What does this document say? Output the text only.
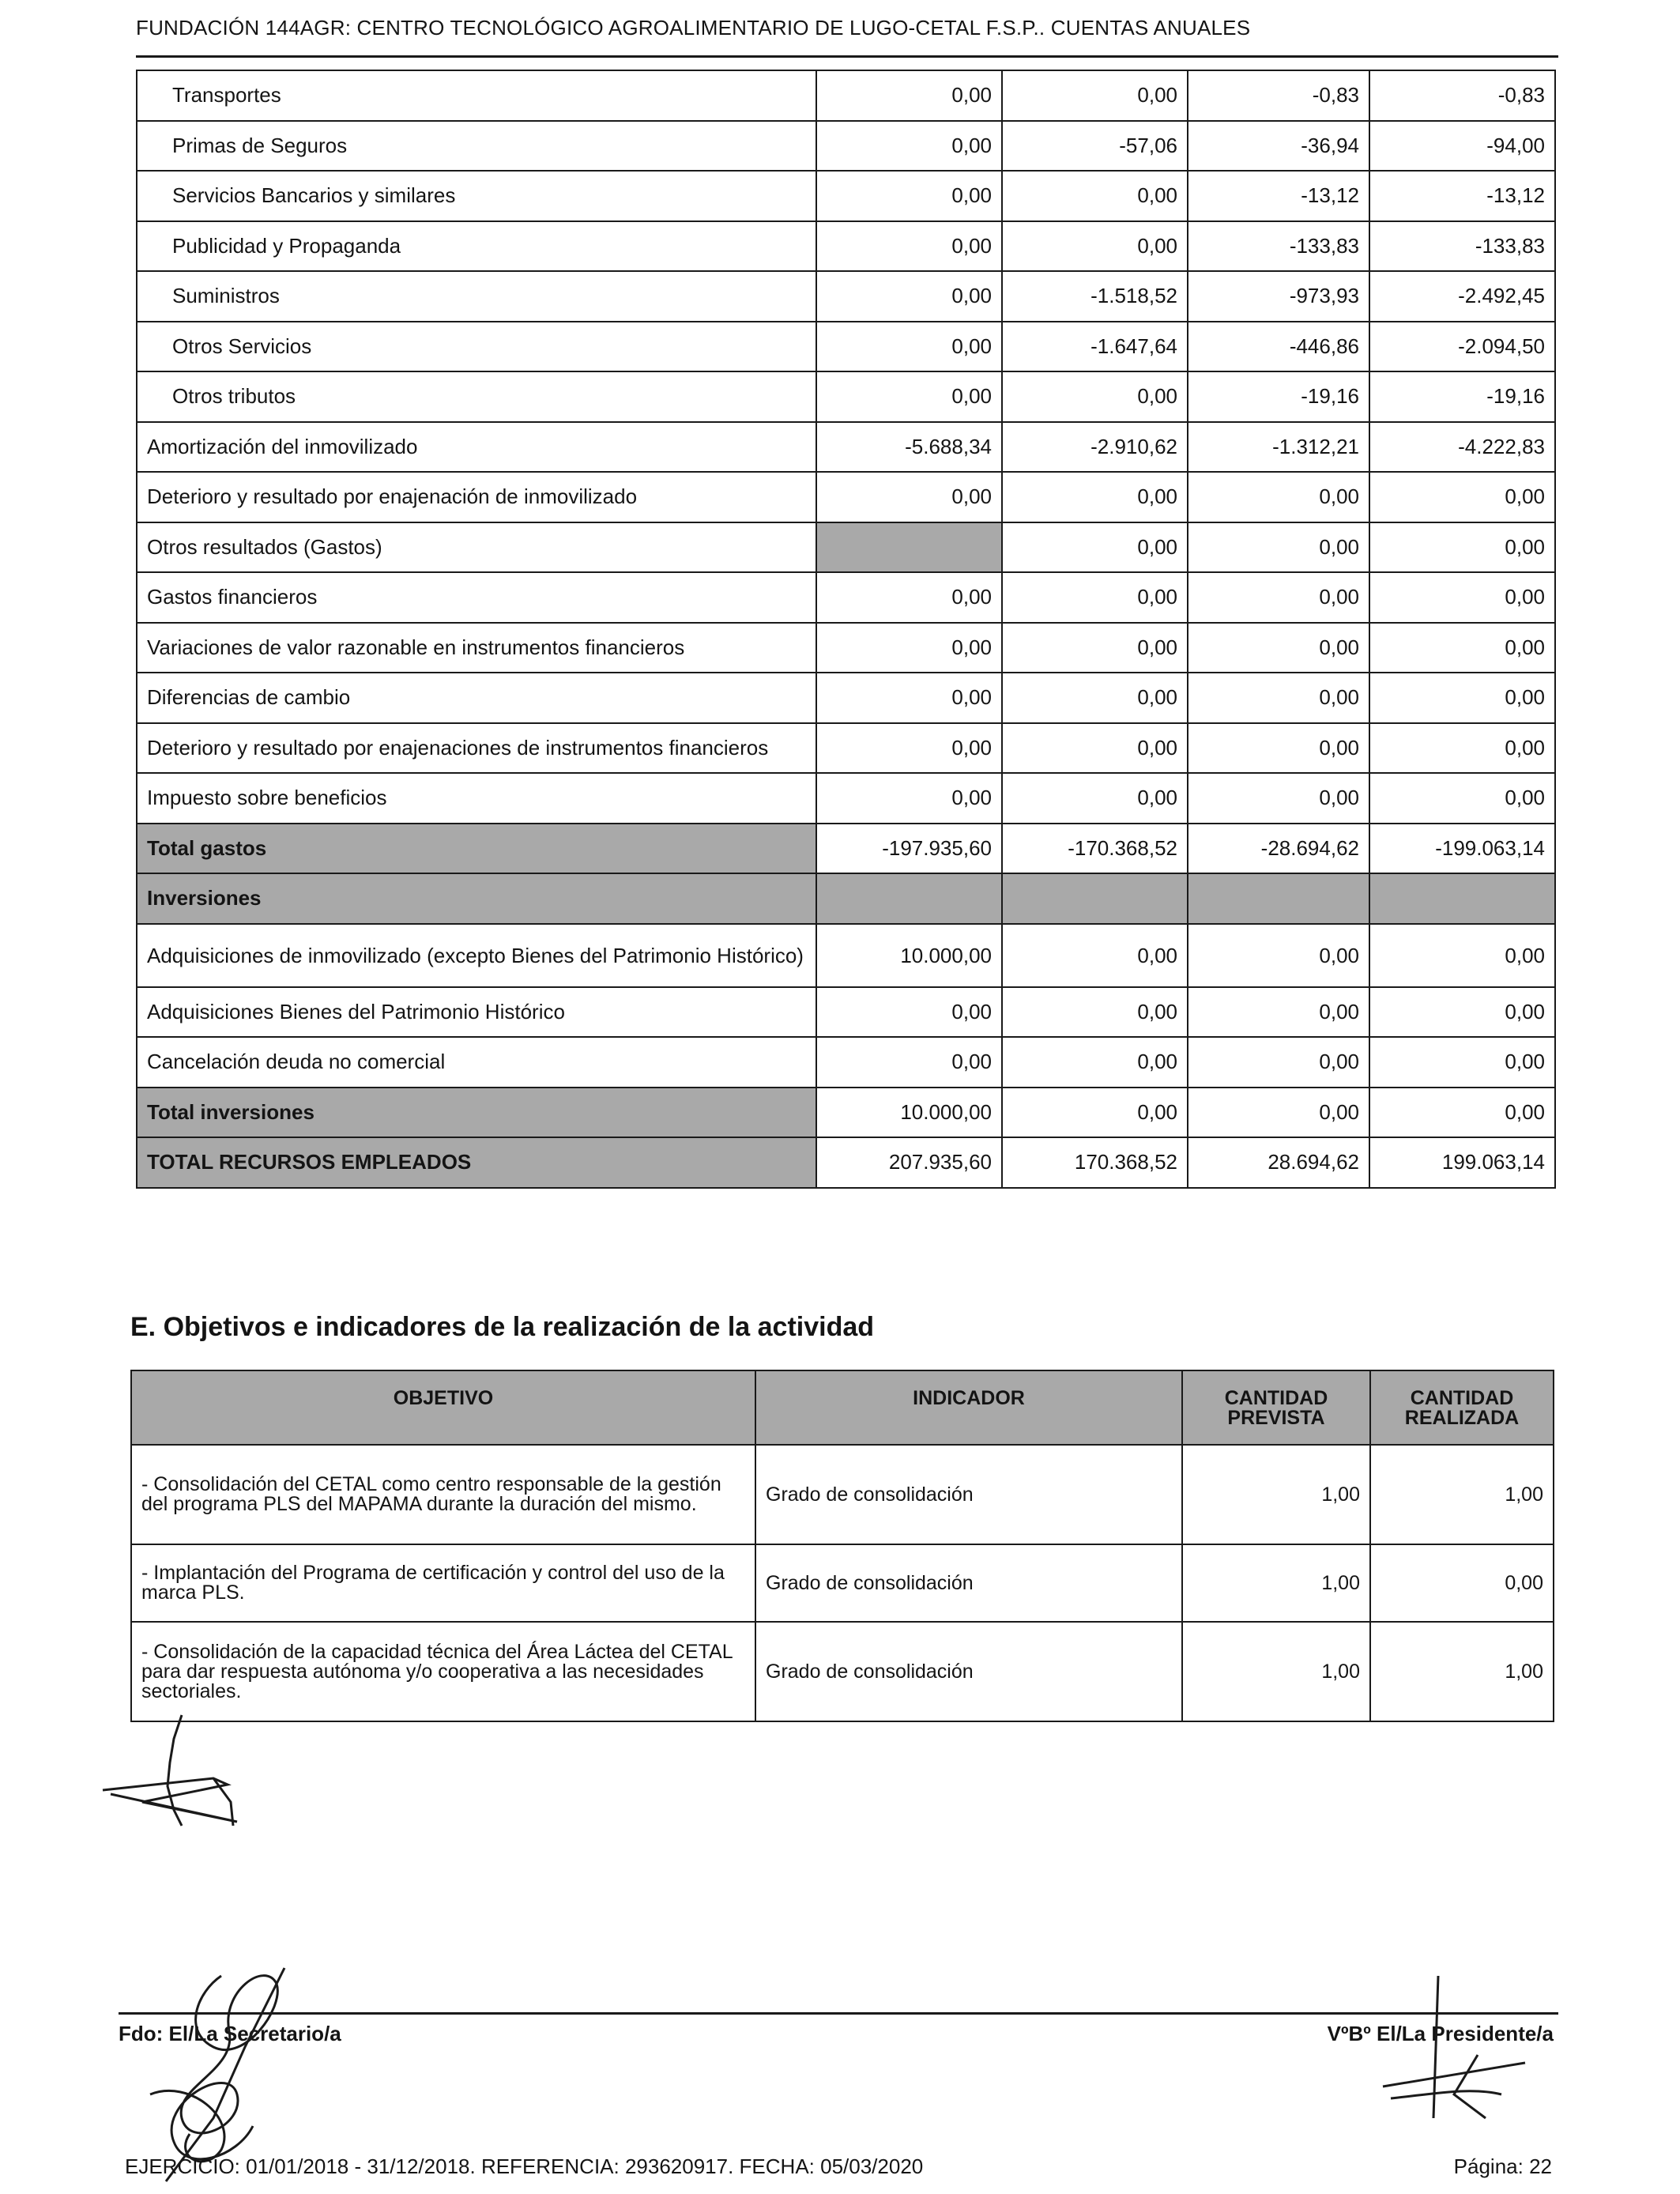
FUNDACIÓN 144AGR: CENTRO TECNOLÓGICO AGROALIMENTARIO DE LUGO-CETAL F.S.P.. CUENTAS ANUALES
Transportes	0,00	0,00	-0,83	-0,83
Primas de Seguros	0,00	-57,06	-36,94	-94,00
Servicios Bancarios y similares	0,00	0,00	-13,12	-13,12
Publicidad y Propaganda	0,00	0,00	-133,83	-133,83
Suministros	0,00	-1.518,52	-973,93	-2.492,45
Otros Servicios	0,00	-1.647,64	-446,86	-2.094,50
Otros tributos	0,00	0,00	-19,16	-19,16
Amortización del inmovilizado	-5.688,34	-2.910,62	-1.312,21	-4.222,83
Deterioro y resultado por enajenación de inmovilizado	0,00	0,00	0,00	0,00
Otros resultados (Gastos)		0,00	0,00	0,00
Gastos financieros	0,00	0,00	0,00	0,00
Variaciones de valor razonable en instrumentos financieros	0,00	0,00	0,00	0,00
Diferencias de cambio	0,00	0,00	0,00	0,00
Deterioro y resultado por enajenaciones de instrumentos financieros	0,00	0,00	0,00	0,00
Impuesto sobre beneficios	0,00	0,00	0,00	0,00
Total gastos	-197.935,60	-170.368,52	-28.694,62	-199.063,14
Inversiones				
Adquisiciones de inmovilizado (excepto Bienes del Patrimonio Histórico)	10.000,00	0,00	0,00	0,00
Adquisiciones Bienes del Patrimonio Histórico	0,00	0,00	0,00	0,00
Cancelación deuda no comercial	0,00	0,00	0,00	0,00
Total inversiones	10.000,00	0,00	0,00	0,00
TOTAL RECURSOS EMPLEADOS	207.935,60	170.368,52	28.694,62	199.063,14
E. Objetivos e indicadores de la realización de la actividad
OBJETIVO	INDICADOR	CANTIDAD PREVISTA	CANTIDAD REALIZADA
- Consolidación del CETAL como centro responsable de la gestión del programa PLS del MAPAMA durante la duración del mismo.	Grado de consolidación	1,00	1,00
- Implantación del Programa de certificación y control del uso de la marca PLS.	Grado de consolidación	1,00	0,00
- Consolidación de la capacidad técnica del Área Láctea del CETAL para dar respuesta autónoma y/o cooperativa a las necesidades sectoriales.	Grado de consolidación	1,00	1,00
Fdo: El/La Secretario/a	VºBº El/La Presidente/a
EJERCICIO: 01/01/2018 - 31/12/2018. REFERENCIA: 293620917. FECHA: 05/03/2020	Página: 22
